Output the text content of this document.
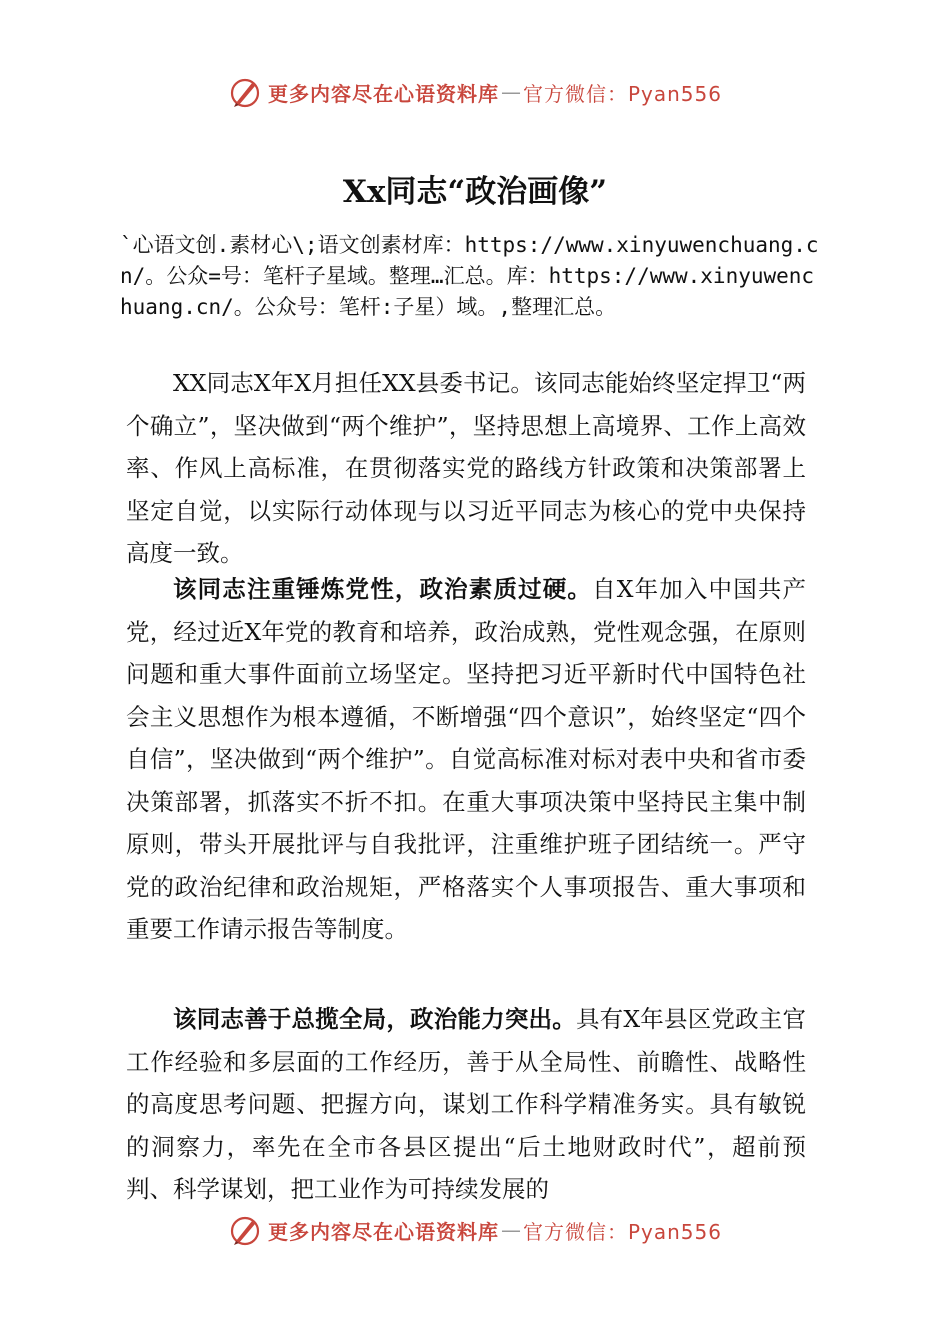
更多内容尽在心语资料库 — 官方微信：Pyan556
Xx同志“政治画像”
`心语文创.素材心\;语文创素材库：https://www.xinyuwenchuang.cn/。公众=号：笔杆子星域。整理…汇总。库：https://www.xinyuwenchuang.cn/。公众号：笔杆:子星）域。,整理汇总。

XX同志X年X月担任XX县委书记。该同志能始终坚定捍卫“两个确立”，坚决做到“两个维护”，坚持思想上高境界、工作上高效率、作风上高标准，在贯彻落实党的路线方针政策和决策部署上坚定自觉，以实际行动体现与以习近平同志为核心的党中央保持高度一致。

该同志注重锤炼党性，政治素质过硬。自X年加入中国共产党，经过近X年党的教育和培养，政治成熟，党性观念强，在原则问题和重大事件面前立场坚定。坚持把习近平新时代中国特色社会主义思想作为根本遵循，不断增强“四个意识”，始终坚定“四个自信”，坚决做到“两个维护”。自觉高标准对标对表中央和省市委决策部署，抓落实不折不扣。在重大事项决策中坚持民主集中制原则，带头开展批评与自我批评，注重维护班子团结统一。严守党的政治纪律和政治规矩，严格落实个人事项报告、重大事项和重要工作请示报告等制度。

该同志善于总揽全局，政治能力突出。具有X年县区党政主官工作经验和多层面的工作经历，善于从全局性、前瞻性、战略性的高度思考问题、把握方向，谋划工作科学精准务实。具有敏锐的洞察力，率先在全市各县区提出“后土地财政时代”，超前预判、科学谋划，把工业作为可持续发展的

更多内容尽在心语资料库 — 官方微信：Pyan556
